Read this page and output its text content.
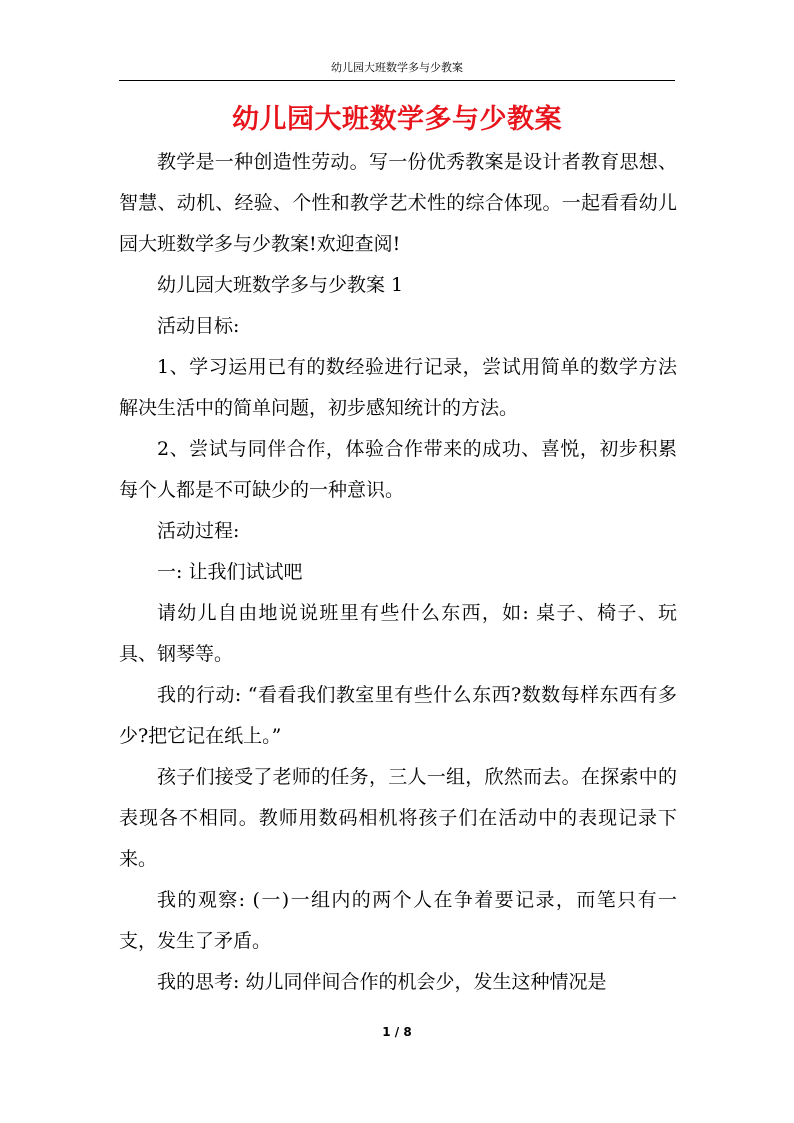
幼儿园大班数学多与少教案
幼儿园大班数学多与少教案

教学是一种创造性劳动。写一份优秀教案是设计者教育思想、智慧、动机、经验、个性和教学艺术性的综合体现。一起看看幼儿园大班数学多与少教案!欢迎查阅!

幼儿园大班数学多与少教案 1

活动目标:

1、学习运用已有的数经验进行记录，尝试用简单的数学方法解决生活中的简单问题，初步感知统计的方法。

2、尝试与同伴合作，体验合作带来的成功、喜悦，初步积累每个人都是不可缺少的一种意识。

活动过程:

一: 让我们试试吧

请幼儿自由地说说班里有些什么东西，如: 桌子、椅子、玩具、钢琴等。

我的行动: “看看我们教室里有些什么东西?数数每样东西有多少?把它记在纸上。”

孩子们接受了老师的任务，三人一组，欣然而去。在探索中的表现各不相同。教师用数码相机将孩子们在活动中的表现记录下来。

我的观察: (一)一组内的两个人在争着要记录，而笔只有一支，发生了矛盾。

我的思考: 幼儿同伴间合作的机会少，发生这种情况是

1 / 8
